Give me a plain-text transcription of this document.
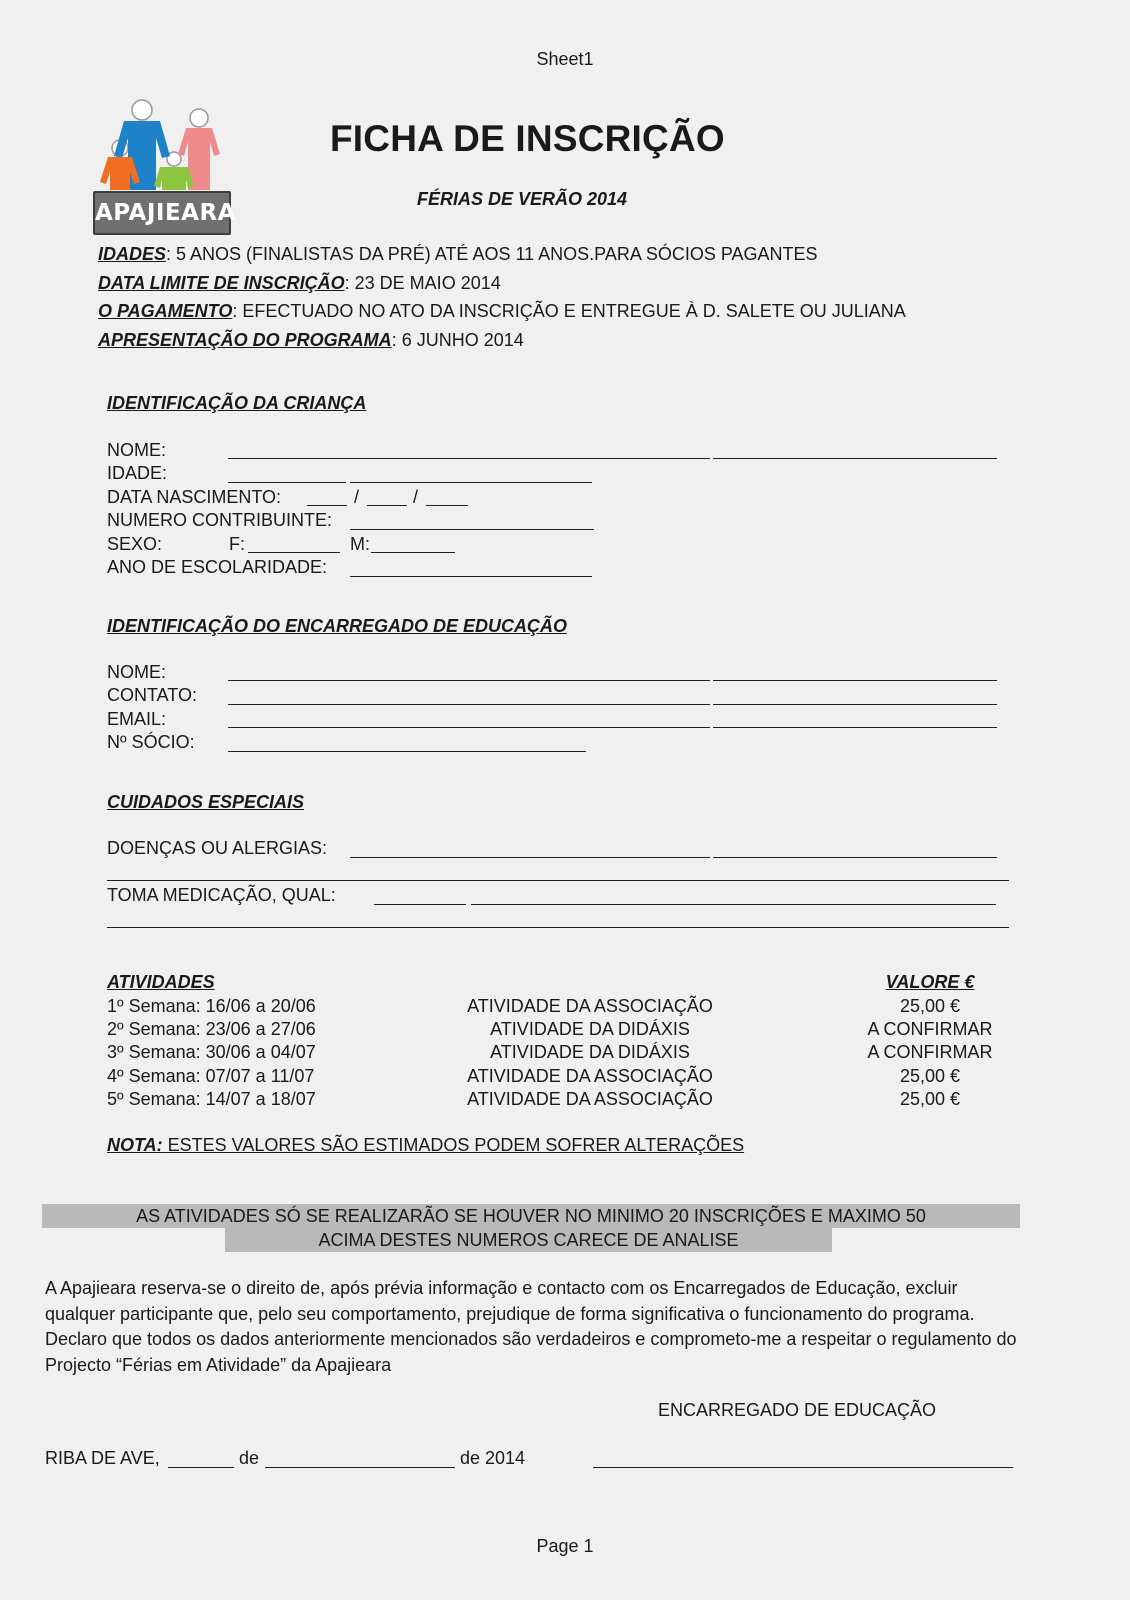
Sheet1
APAJIEARA
FICHA DE INSCRIÇÃO
FÉRIAS DE VERÃO 2014
IDADES: 5 ANOS (FINALISTAS DA PRÉ) ATÉ AOS 11 ANOS.PARA SÓCIOS PAGANTES
DATA LIMITE DE INSCRIÇÃO: 23 DE MAIO 2014
O PAGAMENTO: EFECTUADO NO ATO DA INSCRIÇÃO E ENTREGUE À D. SALETE OU JULIANA
APRESENTAÇÃO DO PROGRAMA: 6 JUNHO 2014
IDENTIFICAÇÃO DA CRIANÇA
NOME:
IDADE:
DATA NASCIMENTO:	/	/
NUMERO CONTRIBUINTE:
SEXO:	F:	M:
ANO DE ESCOLARIDADE:
IDENTIFICAÇÃO DO ENCARREGADO DE EDUCAÇÃO
NOME:
CONTATO:
EMAIL:
Nº SÓCIO:
CUIDADOS ESPECIAIS
DOENÇAS OU ALERGIAS:
TOMA MEDICAÇÃO, QUAL:
ATIVIDADES	VALORE €
1º Semana: 16/06 a 20/06	ATIVIDADE DA ASSOCIAÇÃO	25,00 €
2º Semana: 23/06 a 27/06	ATIVIDADE DA DIDÁXIS	A CONFIRMAR
3º Semana: 30/06 a 04/07	ATIVIDADE DA DIDÁXIS	A CONFIRMAR
4º Semana: 07/07 a 11/07	ATIVIDADE DA ASSOCIAÇÃO	25,00 €
5º Semana: 14/07 a 18/07	ATIVIDADE DA ASSOCIAÇÃO	25,00 €
NOTA: ESTES VALORES SÃO ESTIMADOS PODEM SOFRER ALTERAÇÕES
AS ATIVIDADES SÓ SE REALIZARÃO SE HOUVER NO MINIMO 20 INSCRIÇÕES E MAXIMO 50
ACIMA DESTES NUMEROS CARECE DE ANALISE
A Apajieara reserva-se o direito de, após prévia informação e contacto com os Encarregados de Educação, excluir qualquer participante que, pelo seu comportamento, prejudique de forma significativa o funcionamento do programa. Declaro que todos os dados anteriormente mencionados são verdadeiros e comprometo-me a respeitar o regulamento do Projecto “Férias em Atividade” da Apajieara
ENCARREGADO DE EDUCAÇÃO
RIBA DE AVE,	de	de 2014
Page 1
